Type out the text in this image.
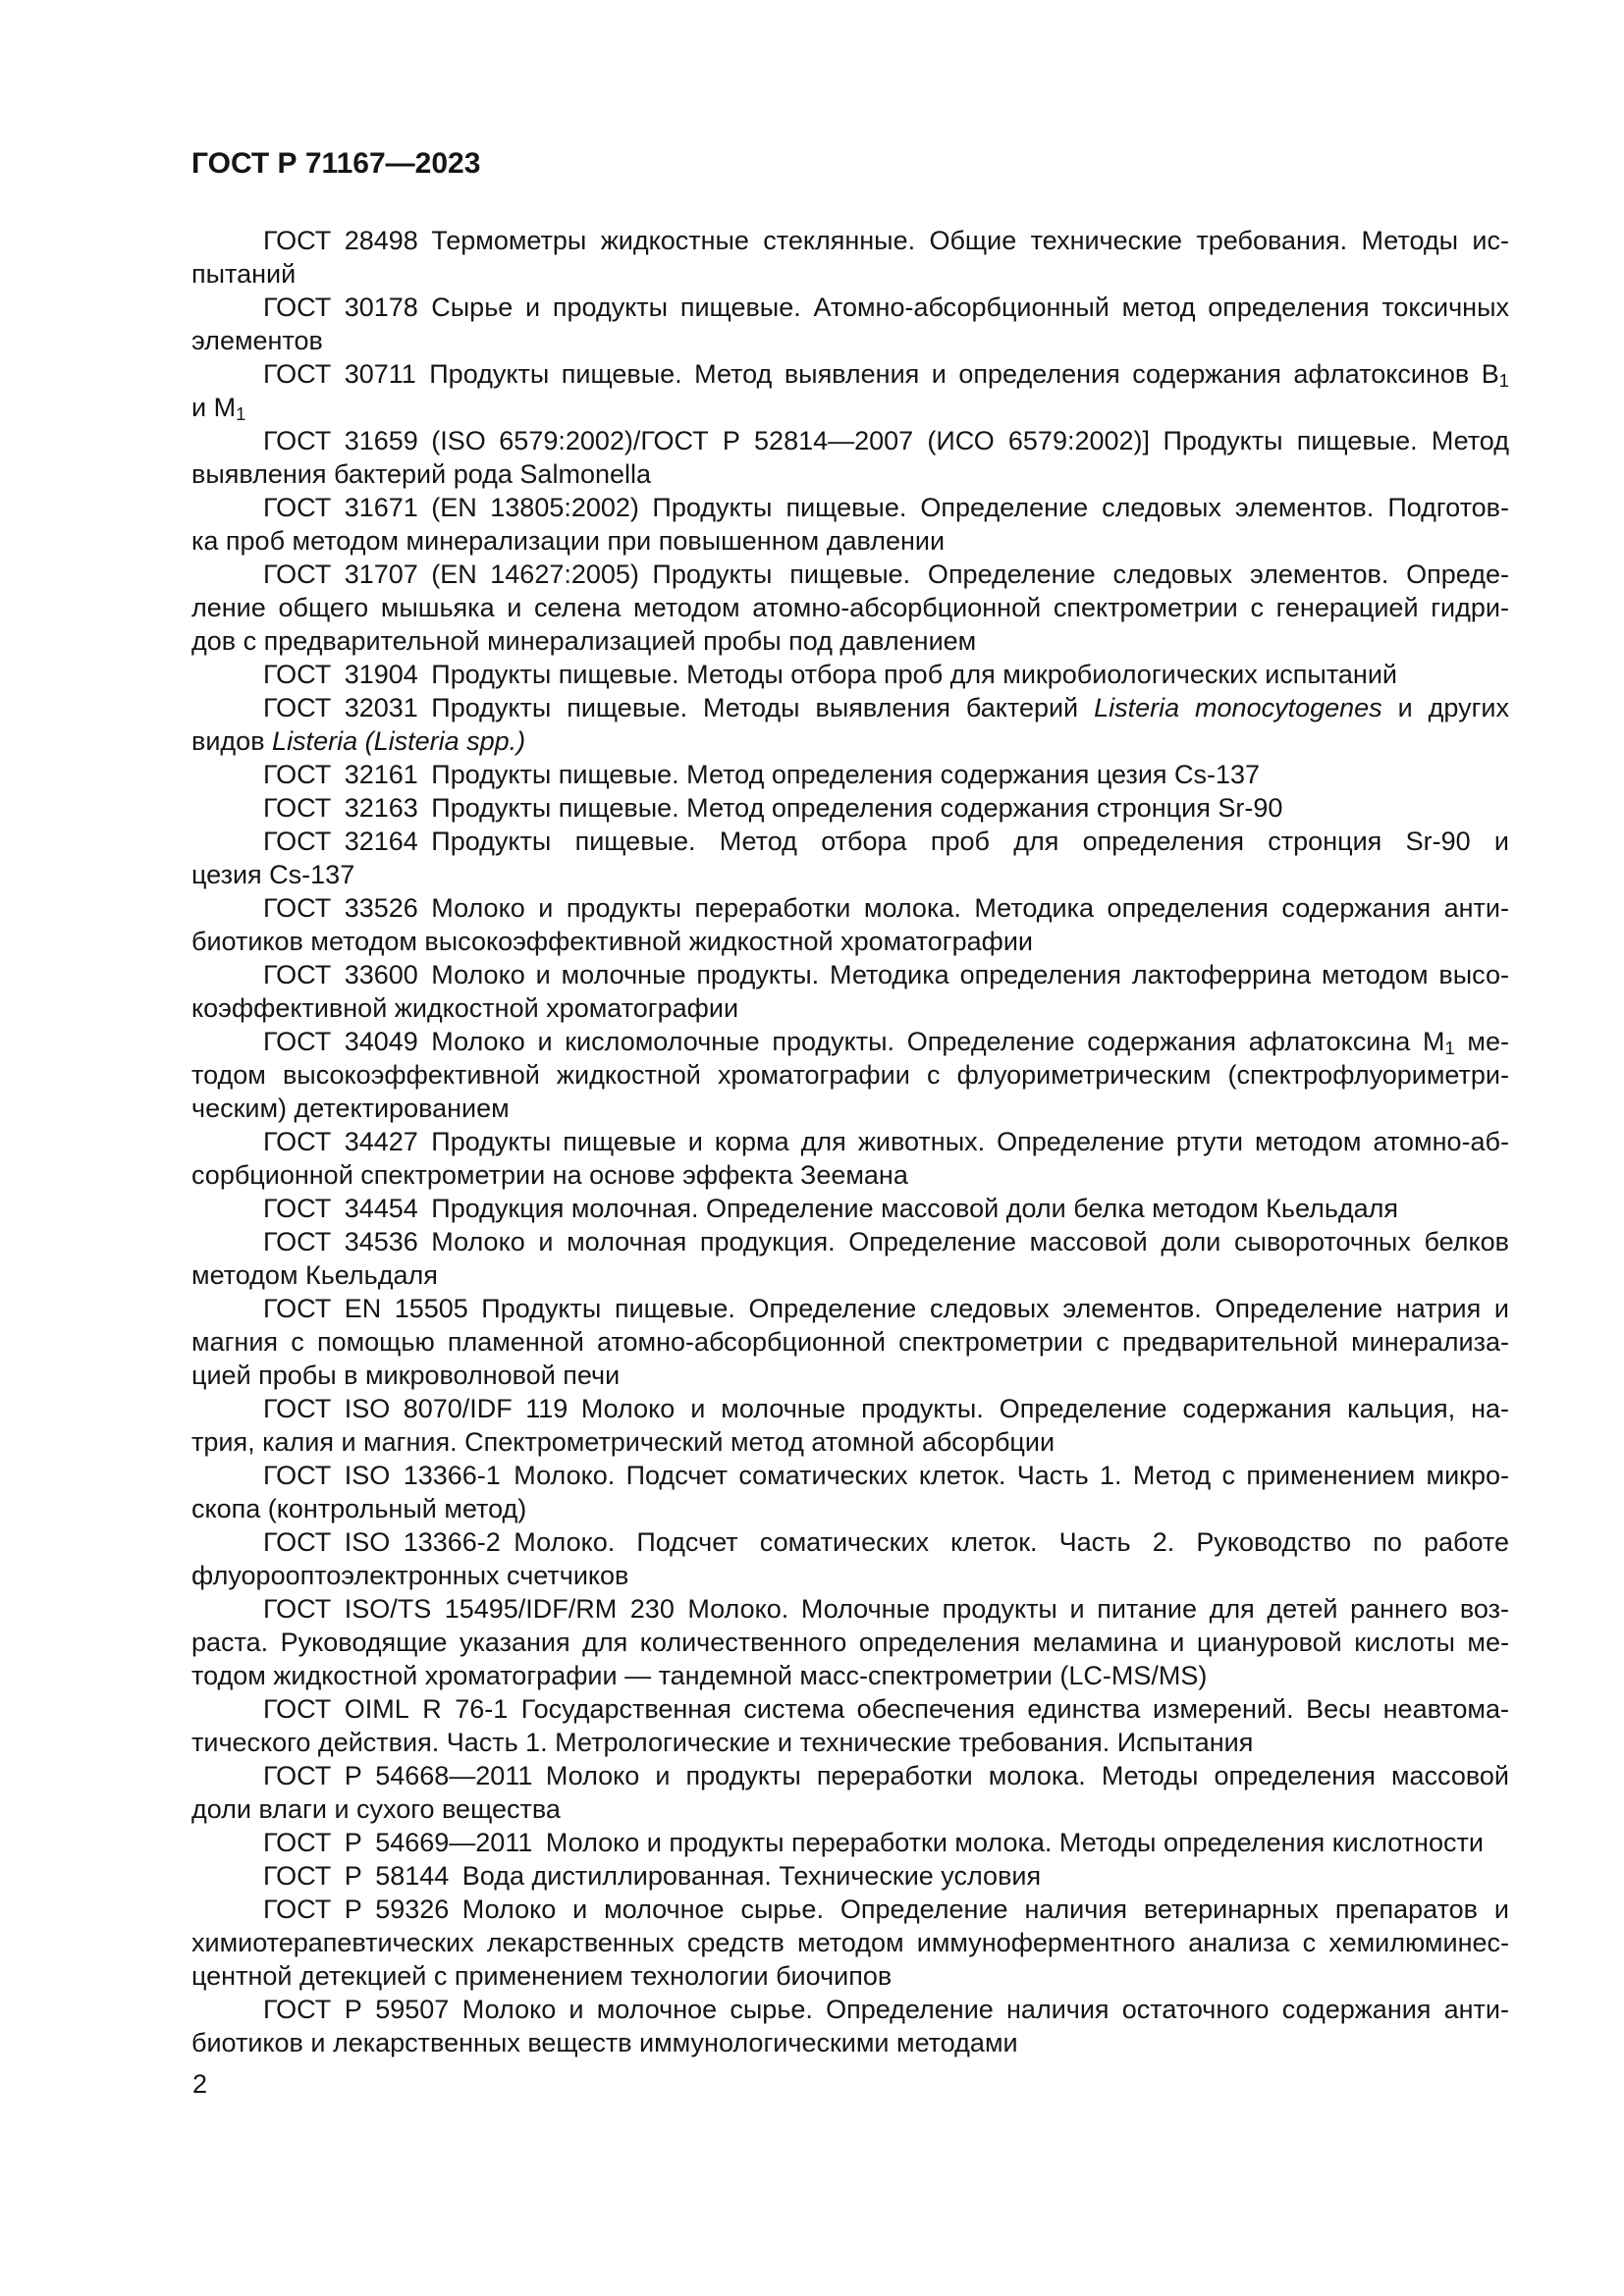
ГОСТ Р 71167—2023
ГОСТ 28498 Термометры жидкостные стеклянные. Общие технические требования. Методы ис-
пытаний
ГОСТ 30178 Сырье и продукты пищевые. Атомно-абсорбционный метод определения токсичных
элементов
ГОСТ 30711 Продукты пищевые. Метод выявления и определения содержания афлатоксинов $B_1$
и $M_1$
ГОСТ 31659 (ISO 6579:2002)/ГОСТ Р 52814—2007 (ИСО 6579:2002)] Продукты пищевые. Метод
выявления бактерий рода Salmonella
ГОСТ 31671 (EN 13805:2002) Продукты пищевые. Определение следовых элементов. Подготов-
ка проб методом минерализации при повышенном давлении
ГОСТ 31707 (EN 14627:2005) Продукты пищевые. Определение следовых элементов. Опреде-
ление общего мышьяка и селена методом атомно-абсорбционной спектрометрии с генерацией гидри-
дов с предварительной минерализацией пробы под давлением
ГОСТ 31904 Продукты пищевые. Методы отбора проб для микробиологических испытаний
ГОСТ 32031 Продукты пищевые. Методы выявления бактерий Listeria monocytogenes и других
видов Listeria (Listeria spp.)
ГОСТ 32161 Продукты пищевые. Метод определения содержания цезия Cs-137
ГОСТ 32163 Продукты пищевые. Метод определения содержания стронция Sr-90
ГОСТ 32164 Продукты пищевые. Метод отбора проб для определения стронция Sr-90 и
цезия Cs-137
ГОСТ 33526 Молоко и продукты переработки молока. Методика определения содержания анти-
биотиков методом высокоэффективной жидкостной хроматографии
ГОСТ 33600 Молоко и молочные продукты. Методика определения лактоферрина методом высо-
коэффективной жидкостной хроматографии
ГОСТ 34049 Молоко и кисломолочные продукты. Определение содержания афлатоксина $M_1$ ме-
тодом высокоэффективной жидкостной хроматографии с флуориметрическим (спектрофлуориметри-
ческим) детектированием
ГОСТ 34427 Продукты пищевые и корма для животных. Определение ртути методом атомно-аб-
сорбционной спектрометрии на основе эффекта Зеемана
ГОСТ 34454 Продукция молочная. Определение массовой доли белка методом Кьельдаля
ГОСТ 34536 Молоко и молочная продукция. Определение массовой доли сывороточных белков
методом Кьельдаля
ГОСТ EN 15505 Продукты пищевые. Определение следовых элементов. Определение натрия и
магния с помощью пламенной атомно-абсорбционной спектрометрии с предварительной минерализа-
цией пробы в микроволновой печи
ГОСТ ISO 8070/IDF 119 Молоко и молочные продукты. Определение содержания кальция, на-
трия, калия и магния. Спектрометрический метод атомной абсорбции
ГОСТ ISO 13366-1 Молоко. Подсчет соматических клеток. Часть 1. Метод с применением микро-
скопа (контрольный метод)
ГОСТ ISO 13366-2 Молоко. Подсчет соматических клеток. Часть 2. Руководство по работе
флуорооптоэлектронных счетчиков
ГОСТ ISO/TS 15495/IDF/RM 230 Молоко. Молочные продукты и питание для детей раннего воз-
раста. Руководящие указания для количественного определения меламина и циануровой кислоты ме-
тодом жидкостной хроматографии — тандемной масс-спектрометрии (LC-MS/MS)
ГОСТ OIML R 76-1 Государственная система обеспечения единства измерений. Весы неавтома-
тического действия. Часть 1. Метрологические и технические требования. Испытания
ГОСТ Р 54668—2011 Молоко и продукты переработки молока. Методы определения массовой
доли влаги и сухого вещества
ГОСТ Р 54669—2011 Молоко и продукты переработки молока. Методы определения кислотности
ГОСТ Р 58144 Вода дистиллированная. Технические условия
ГОСТ Р 59326 Молоко и молочное сырье. Определение наличия ветеринарных препаратов и
химиотерапевтических лекарственных средств методом иммуноферментного анализа с хемилюминес-
центной детекцией с применением технологии биочипов
ГОСТ Р 59507 Молоко и молочное сырье. Определение наличия остаточного содержания анти-
биотиков и лекарственных веществ иммунологическими методами
2
